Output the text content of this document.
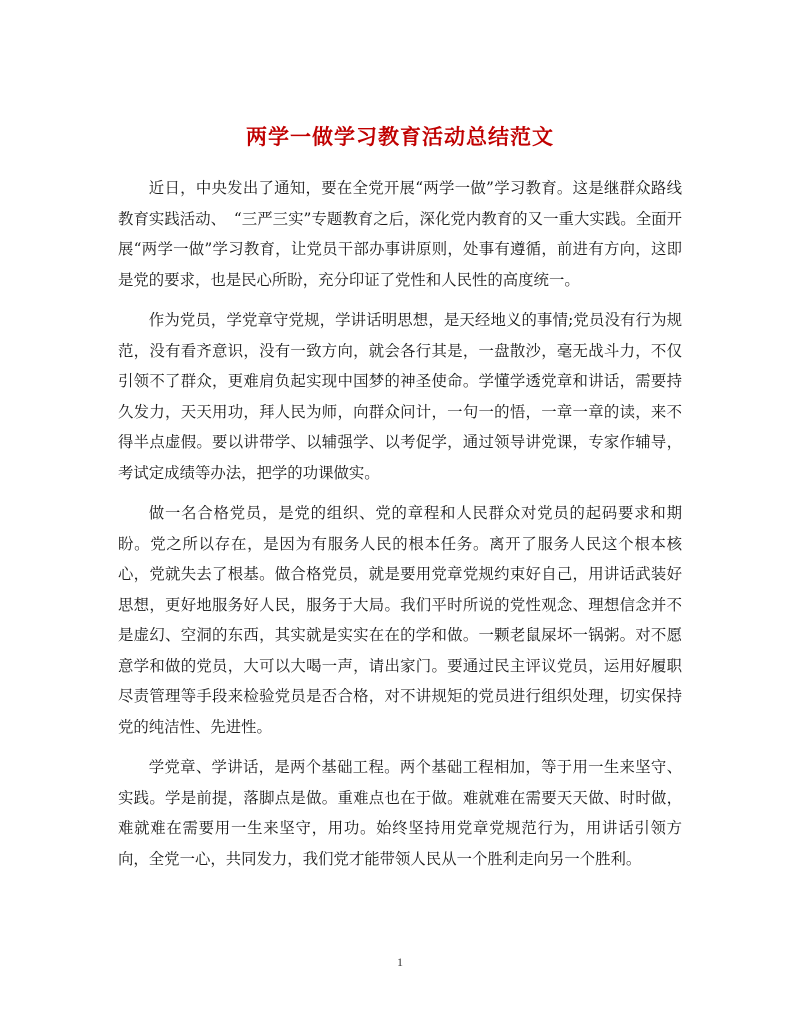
两学一做学习教育活动总结范文

近日，中央发出了通知，要在全党开展“两学一做”学习教育。这是继群众路线教育实践活动、　“三严三实”专题教育之后，深化党内教育的又一重大实践。全面开展“两学一做”学习教育，让党员干部办事讲原则，处事有遵循，前进有方向，这即是党的要求，也是民心所盼，充分印证了党性和人民性的高度统一。

作为党员，学党章守党规，学讲话明思想，是天经地义的事情;党员没有行为规范，没有看齐意识，没有一致方向，就会各行其是，一盘散沙，毫无战斗力，不仅引领不了群众，更难肩负起实现中国梦的神圣使命。学懂学透党章和讲话，需要持久发力，天天用功，拜人民为师，向群众问计，一句一的悟，一章一章的读，来不得半点虚假。要以讲带学、以辅强学、以考促学，通过领导讲党课，专家作辅导，考试定成绩等办法，把学的功课做实。

做一名合格党员，是党的组织、党的章程和人民群众对党员的起码要求和期盼。党之所以存在，是因为有服务人民的根本任务。离开了服务人民这个根本核心，党就失去了根基。做合格党员，就是要用党章党规约束好自己，用讲话武装好思想，更好地服务好人民，服务于大局。我们平时所说的党性观念、理想信念并不是虚幻、空洞的东西，其实就是实实在在的学和做。一颗老鼠屎坏一锅粥。对不愿意学和做的党员，大可以大喝一声，请出家门。要通过民主评议党员，运用好履职尽责管理等手段来检验党员是否合格，对不讲规矩的党员进行组织处理，切实保持党的纯洁性、先进性。

学党章、学讲话，是两个基础工程。两个基础工程相加，等于用一生来坚守、实践。学是前提，落脚点是做。重难点也在于做。难就难在需要天天做、时时做，难就难在需要用一生来坚守，用功。始终坚持用党章党规范行为，用讲话引领方向，全党一心，共同发力，我们党才能带领人民从一个胜利走向另一个胜利。

1
